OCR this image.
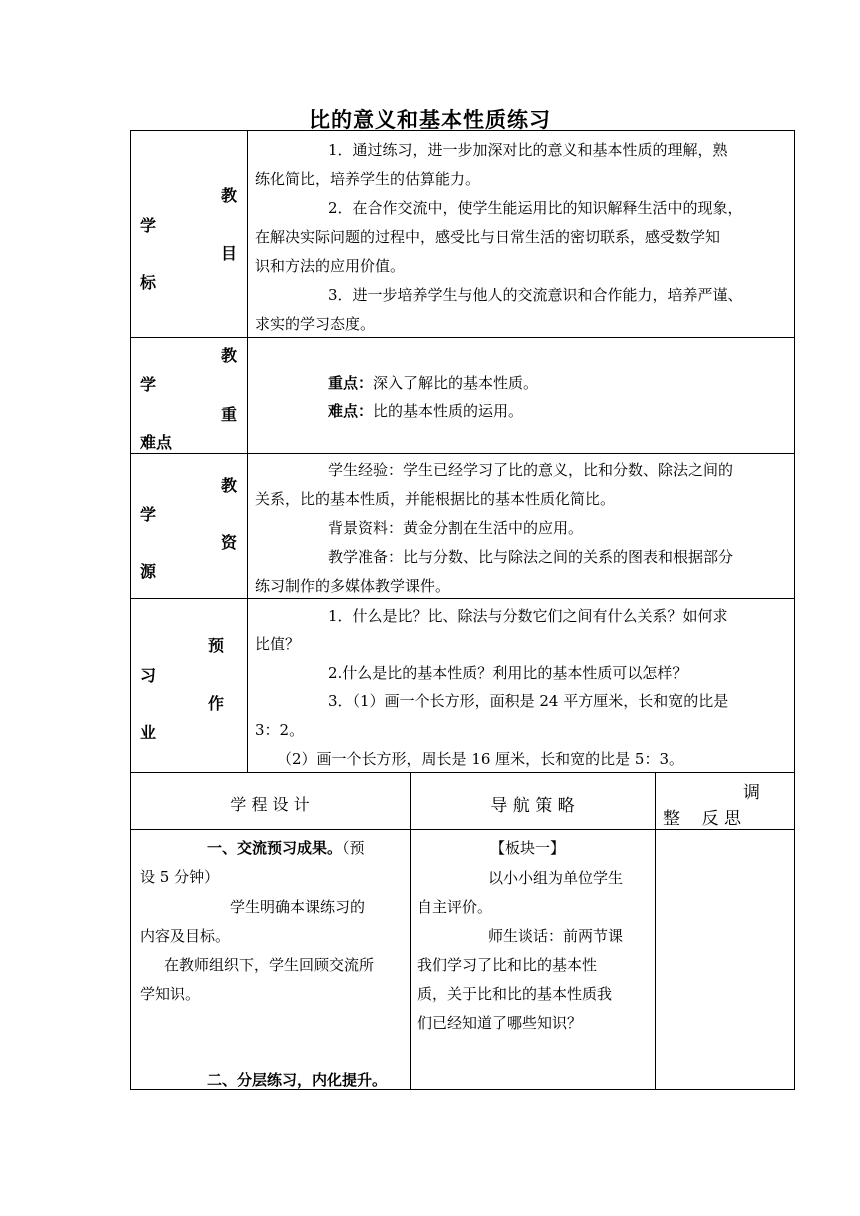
比的意义和基本性质练习
教
学
目
标
1．通过练习，进一步加深对比的意义和基本性质的理解，熟
练化简比，培养学生的估算能力。
2．在合作交流中，使学生能运用比的知识解释生活中的现象，
在解决实际问题的过程中，感受比与日常生活的密切联系，感受数学知
识和方法的应用价值。
3．进一步培养学生与他人的交流意识和合作能力，培养严谨、
求实的学习态度。
教
学
重
难点
重点：深入了解比的基本性质。
难点：比的基本性质的运用。
教
学
资
源
学生经验：学生已经学习了比的意义，比和分数、除法之间的
关系，比的基本性质，并能根据比的基本性质化简比。
背景资料：黄金分割在生活中的应用。
教学准备：比与分数、比与除法之间的关系的图表和根据部分
练习制作的多媒体教学课件。
预
习
作
业
1．什么是比？比、除法与分数它们之间有什么关系？如何求
比值？
2.什么是比的基本性质？利用比的基本性质可以怎样？
3．（1）画一个长方形，面积是 24 平方厘米，长和宽的比是
3：2。
（2）画一个长方形，周长是 16 厘米，长和宽的比是 5：3。
学 程 设 计	导 航 策 略
调
整    反 思
一、交流预习成果。（预
设 5 分钟）
学生明确本课练习的
内容及目标。
在教师组织下，学生回顾交流所
学知识。
二、分层练习，内化提升。
【板块一】
以小小组为单位学生
自主评价。
师生谈话：前两节课
我们学习了比和比的基本性
质，关于比和比的基本性质我
们已经知道了哪些知识？
